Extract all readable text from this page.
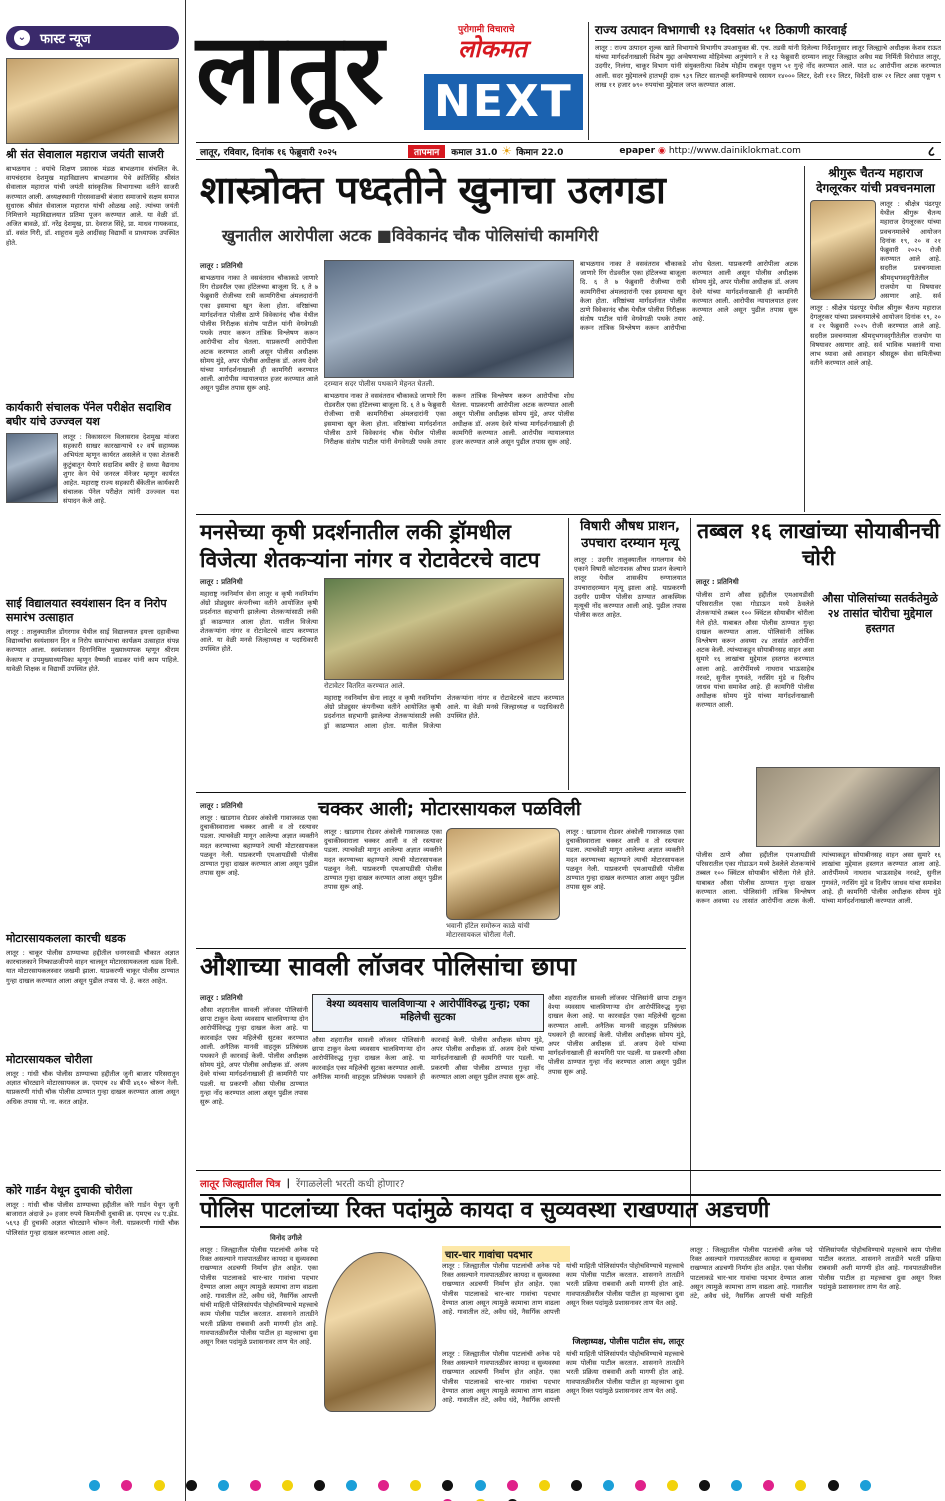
⌄ फास्ट न्यूज
श्री संत सेवालाल महाराज जयंती साजरी
बाभळगाव : वयांचे शिक्षण प्रसारक मंडळ बाभळगाव संचलित के. वायचंदराव देशमुख महाविद्यालय बाभळगाव येथे क्रांतिसिंह श्रीसंत सेवालाल महाराज यांची जयंती सांस्कृतिक विभागाच्या वतीने साजरी करण्यात आली. अध्यक्षस्थानी गोरसवाळची बंजारा समाजाचे सक्षम समाज सुधारक श्रीसंत सेवालाल महाराज यांची ओळख आहे. त्यांच्या जयंती निमित्ताने महाविद्यालयात प्रतिमा पूजन करण्यात आले. या वेळी डॉ. अजित बावळे, डॉ. नरेंद्र देशमुख, प्रा. देवराज सिंहे, प्रा. माधव गायकवाड, डॉ. वसंत गिरी, डॉ. शाहूराव मुळे आदींसह विद्यार्थी व प्राध्यापक उपस्थित होते.
कार्यकारी संचालक पॅनेल परीक्षेत सदाशिव बघीर यांचे उज्ज्वल यश
लातूर : विकासरत्न विलासराव देशमुख मांजरा सहकारी साखर कारखान्याचे १२ वर्ष सहाय्यक अभियंता म्हणून कार्यरत असलेले व एका शेतकरी कुटुंबातून येणारे सदाशिव बघीर हे सध्या वैद्यनाथ शुगर केन येथे जनरल मॅनेजर म्हणून कार्यरत आहेत. महाराष्ट्र राज्य सहकारी बँकेतील कार्यकारी संचालक पॅनेल परीक्षेत त्यांनी उज्ज्वल यश संपादन केले आहे.
साई विद्यालयात स्वयंशासन दिन व निरोप समारंभ उत्साहात
लातूर : तालुक्यातील डोंगरगाव येथील साई विद्यालयात इयत्ता दहावीच्या विद्यार्थ्यांचा स्वयंशासन दिन व निरोप समारंभाचा कार्यक्रम उत्साहात संपन्न करण्यात आला. स्वयंशासन दिनानिमित्त मुख्याध्यापक म्हणून श्रीराम केकाण व उपमुख्याध्यापिका म्हणून वैष्णवी वाडकर यांनी काम पाहिले. यावेळी शिक्षक व विद्यार्थी उपस्थित होते.
मोटारसायकलला कारची धडक
लातूर : चाकूर पोलीस ठाण्याच्या हद्दीतील धनगरवाडी चौकात अज्ञात कारचालकाने निष्काळजीपणे वाहन चालवून मोटारसायकलला धडक दिली. यात मोटारसायकलस्वार जखमी झाला. याप्रकरणी चाकूर पोलीस ठाण्यात गुन्हा दाखल करण्यात आला असून पुढील तपास पो. हे. करत आहेत.
मोटारसायकल चोरीला
लातूर : गांधी चौक पोलीस ठाण्याच्या हद्दीतील जुनी बाजार परिसरातून अज्ञात चोरट्याने मोटारसायकल क्र. एमएच २४ बीपी ४६१० चोरून नेली. याप्रकरणी गांधी चौक पोलीस ठाण्यात गुन्हा दाखल करण्यात आला असून अधिक तपास पो. ना. करत आहेत.
कोरे गार्डन येथून दुचाकी चोरीला
लातूर : गांधी चौक पोलीस ठाण्याच्या हद्दीतील कोरे गार्डन येथून जुनी बाजारात अंदाजे ३० हजार रुपये किमतीची दुचाकी क्र. एमएच २४ ए.झेड. ५६९३ ही दुचाकी अज्ञात चोरट्याने चोरून नेली. याप्रकरणी गांधी चौक पोलिसांत गुन्हा दाखल करण्यात आला आहे.
लातूर	पुरोगामी विचाराचे
लोकमत
NEXT
लातूर, रविवार, दिनांक १६ फेब्रुवारी २०२५	तापमान	कमाल 31.0 ☀ किमान 22.0	epaper ◉ http://www.dainiklokmat.com	८
राज्य उत्पादन विभागाची १३ दिवसांत ५१ ठिकाणी कारवाई
लातूर : राज्य उत्पादन शुल्क खाते विभागाचे विभागीय उपआयुक्त बी. एच. तडवी यांनी दिलेल्या निर्देशानुसार लातूर जिल्ह्याचे अधीक्षक केशव राऊत यांच्या मार्गदर्शनाखाली विशेष मुद्दा अन्वेषणाच्या मोहिमेच्या अनुषंगाने १ ते १३ फेब्रुवारी दरम्यान लातूर जिल्ह्यात अवैध मद्य निर्मिती विरोधात लातूर, उदगीर, निलंगा, चाकूर विभाग यांनी संयुक्तरीत्या विशेष मोहीम राबवून एकूण ५१ गुन्हे नोंद करण्यात आले. यात ४८ आरोपींना अटक करण्यात आली. सदर मुद्देमालचे हातभट्टी दारू ९३९ लिटर सातभट्टी बनविण्याचे रसायन १४००० लिटर, देशी ११२ लिटर, विदेशी दारू २१ लिटर असा एकूण ९ लाख ११ हजार ७९० रुपयांचा मुद्देमाल जप्त करण्यात आला.
शास्त्रोक्त पध्दतीने खुनाचा उलगडा
खुनातील आरोपीला अटक ■विवेकानंद चौक पोलिसांची कामगिरी
लातूर : प्रतिनिधी
बाभळगाव नाका ते वसवंतराव चौकाकडे जाणारे रिंग रोडवरील एका हॉटेलच्या बाजूला दि. ६ ते ७ फेब्रुवारी रोजीच्या रात्री कामगिरीचा अंमलदारांनी एका इसमाचा खून केला होता. वरिष्ठांच्या मार्गदर्शनात पोलीस ठाणे विवेकानंद चौक येथील पोलीस निरीक्षक संतोष पाटील यांनी वेगवेगळी पथके तयार करून तांत्रिक विश्लेषण करून आरोपीचा शोध घेतला. याप्रकरणी आरोपीला अटक करण्यात आली असून पोलीस अधीक्षक सोमय मुंडे, अपर पोलीस अधीक्षक डॉ. अजय देवरे यांच्या मार्गदर्शनाखाली ही कामगिरी करण्यात आली. आरोपीस न्यायालयात हजर करण्यात आले असून पुढील तपास सुरू आहे.
दरम्यान सदर पोलीस पथकाने मेहनत घेतली.
बाभळगाव नाका ते वसवंतराव चौकाकडे जाणारे रिंग रोडवरील एका हॉटेलच्या बाजूला दि. ६ ते ७ फेब्रुवारी रोजीच्या रात्री कामगिरीचा अंमलदारांनी एका इसमाचा खून केला होता. वरिष्ठांच्या मार्गदर्शनात पोलीस ठाणे विवेकानंद चौक येथील पोलीस निरीक्षक संतोष पाटील यांनी वेगवेगळी पथके तयार करून तांत्रिक विश्लेषण करून आरोपीचा शोध घेतला. याप्रकरणी आरोपीला अटक करण्यात आली असून पोलीस अधीक्षक सोमय मुंडे, अपर पोलीस अधीक्षक डॉ. अजय देवरे यांच्या मार्गदर्शनाखाली ही कामगिरी करण्यात आली. आरोपीस न्यायालयात हजर करण्यात आले असून पुढील तपास सुरू आहे.
बाभळगाव नाका ते वसवंतराव चौकाकडे जाणारे रिंग रोडवरील एका हॉटेलच्या बाजूला दि. ६ ते ७ फेब्रुवारी रोजीच्या रात्री कामगिरीचा अंमलदारांनी एका इसमाचा खून केला होता. वरिष्ठांच्या मार्गदर्शनात पोलीस ठाणे विवेकानंद चौक येथील पोलीस निरीक्षक संतोष पाटील यांनी वेगवेगळी पथके तयार करून तांत्रिक विश्लेषण करून आरोपीचा शोध घेतला. याप्रकरणी आरोपीला अटक करण्यात आली असून पोलीस अधीक्षक सोमय मुंडे, अपर पोलीस अधीक्षक डॉ. अजय देवरे यांच्या मार्गदर्शनाखाली ही कामगिरी करण्यात आली. आरोपीस न्यायालयात हजर करण्यात आले असून पुढील तपास सुरू आहे.
श्रीगुरू चैतन्य महाराज देगलूरकर यांची प्रवचनमाला
लातूर : श्रीक्षेत्र पंढरपूर येथील श्रीगुरू चैतन्य महाराज देगलूरकर यांच्या प्रवचनमालेचे आयोजन दिनांक १९, २० व २१ फेब्रुवारी २०२५ रोजी करण्यात आले आहे. सदरील प्रवचनमाला श्रीमद्‌भगवद्‌गीतेतील राजयोग या विषयावर असणार आहे. सर्व
लातूर : श्रीक्षेत्र पंढरपूर येथील श्रीगुरू चैतन्य महाराज देगलूरकर यांच्या प्रवचनमालेचे आयोजन दिनांक १९, २० व २१ फेब्रुवारी २०२५ रोजी करण्यात आले आहे. सदरील प्रवचनमाला श्रीमद्‌भगवद्‌गीतेतील राजयोग या विषयावर असणार आहे. सर्व भाविक भक्तांनी याचा लाभ घ्यावा असे आवाहन श्रीसद्गुरू सेवा समितीच्या वतीने करण्यात आले आहे.
मनसेच्या कृषी प्रदर्शनातील लकी ड्रॉमधील विजेत्या शेतकऱ्यांना नांगर व रोटावेटरचे वाटप
लातूर : प्रतिनिधी
महाराष्ट्र नवनिर्माण सेना लातूर व कृषी नवनिर्माण ॲग्रो प्रोड्युसर कंपनीच्या वतीने आयोजित कृषी प्रदर्शनात सहभागी झालेल्या शेतकऱ्यांसाठी लकी ड्रॉ काढण्यात आला होता. यातील विजेत्या शेतकऱ्यांना नांगर व रोटावेटरचे वाटप करण्यात आले. या वेळी मनसे जिल्हाध्यक्ष व पदाधिकारी उपस्थित होते.
रोटावेटर वितरित करण्यात आले.
महाराष्ट्र नवनिर्माण सेना लातूर व कृषी नवनिर्माण ॲग्रो प्रोड्युसर कंपनीच्या वतीने आयोजित कृषी प्रदर्शनात सहभागी झालेल्या शेतकऱ्यांसाठी लकी ड्रॉ काढण्यात आला होता. यातील विजेत्या शेतकऱ्यांना नांगर व रोटावेटरचे वाटप करण्यात आले. या वेळी मनसे जिल्हाध्यक्ष व पदाधिकारी उपस्थित होते.
विषारी औषध प्राशन, उपचारा दरम्यान मृत्यू
लातूर : उदगीर तालुक्यातील नागलगाव येथे एकाने विषारी कोटनाशक औषध प्राशन केल्याने लातूर येथील शासकीय रुग्णालयात उपचारादरम्यान मृत्यू झाला आहे. याप्रकरणी उदगीर ग्रामीण पोलीस ठाण्यात आकस्मिक मृत्यूची नोंद करण्यात आली आहे. पुढील तपास पोलीस करत आहेत.
तब्बल १६ लाखांच्या सोयाबीनची चोरी
लातूर : प्रतिनिधी
पोलीस ठाणे औसा हद्दीतील एमआयडीसी परिसरातील एका गोडाऊन मध्ये ठेवलेले शेतकऱ्यांचे तब्बल १०० क्विंटल सोयाबीन चोरीला गेले होते. याबाबत औसा पोलीस ठाण्यात गुन्हा दाखल करण्यात आला. पोलिसांनी तांत्रिक विश्लेषण करून अवघ्या २४ तासांत आरोपींना अटक केली. त्यांच्याकडून सोयाबीनसह वाहन असा सुमारे १६ लाखांचा मुद्देमाल हस्तगत करण्यात आला आहे. आरोपींमध्ये नाथराव भाऊसाहेब नरवटे, सुनील गुणवंते, नरसिंग मुंडे व दिलीप जाधव यांचा समावेश आहे. ही कामगिरी पोलीस अधीक्षक सोमय मुंडे यांच्या मार्गदर्शनाखाली करण्यात आली.
औसा पोलिसांच्या सतर्कतेमुळे २४ तासांत चोरीचा मुद्देमाल हस्तगत
पोलीस ठाणे औसा हद्दीतील एमआयडीसी परिसरातील एका गोडाऊन मध्ये ठेवलेले शेतकऱ्यांचे तब्बल १०० क्विंटल सोयाबीन चोरीला गेले होते. याबाबत औसा पोलीस ठाण्यात गुन्हा दाखल करण्यात आला. पोलिसांनी तांत्रिक विश्लेषण करून अवघ्या २४ तासांत आरोपींना अटक केली. त्यांच्याकडून सोयाबीनसह वाहन असा सुमारे १६ लाखांचा मुद्देमाल हस्तगत करण्यात आला आहे. आरोपींमध्ये नाथराव भाऊसाहेब नरवटे, सुनील गुणवंते, नरसिंग मुंडे व दिलीप जाधव यांचा समावेश आहे. ही कामगिरी पोलीस अधीक्षक सोमय मुंडे यांच्या मार्गदर्शनाखाली करण्यात आली.
चक्कर आली; मोटारसायकल पळविली
लातूर : प्रतिनिधी
लातूर : खाडगाव रोडवर अंकोली गावाजवळ एका दुचाकीस्वाराला चक्कर आली व तो रस्त्यावर पडला. त्याचवेळी मागून आलेल्या अज्ञात व्यक्तीने मदत करण्याच्या बहाण्याने त्याची मोटारसायकल पळवून नेली. याप्रकरणी एमआयडीसी पोलीस ठाण्यात गुन्हा दाखल करण्यात आला असून पुढील तपास सुरू आहे.
लातूर : खाडगाव रोडवर अंकोली गावाजवळ एका दुचाकीस्वाराला चक्कर आली व तो रस्त्यावर पडला. त्याचवेळी मागून आलेल्या अज्ञात व्यक्तीने मदत करण्याच्या बहाण्याने त्याची मोटारसायकल पळवून नेली. याप्रकरणी एमआयडीसी पोलीस ठाण्यात गुन्हा दाखल करण्यात आला असून पुढील तपास सुरू आहे.
भवानी हॉटेल समोरून काळे यांची मोटारसायकल चोरीला गेली.
लातूर : खाडगाव रोडवर अंकोली गावाजवळ एका दुचाकीस्वाराला चक्कर आली व तो रस्त्यावर पडला. त्याचवेळी मागून आलेल्या अज्ञात व्यक्तीने मदत करण्याच्या बहाण्याने त्याची मोटारसायकल पळवून नेली. याप्रकरणी एमआयडीसी पोलीस ठाण्यात गुन्हा दाखल करण्यात आला असून पुढील तपास सुरू आहे.
औशाच्या सावली लॉजवर पोलिसांचा छापा
लातूर : प्रतिनिधी
औसा शहरातील सावली लॉजवर पोलिसांनी छापा टाकून वेश्या व्यवसाय चालविणाऱ्या दोन आरोपींविरुद्ध गुन्हा दाखल केला आहे. या कारवाईत एका महिलेची सुटका करण्यात आली. अनैतिक मानवी वाहतूक प्रतिबंधक पथकाने ही कारवाई केली. पोलीस अधीक्षक सोमय मुंडे, अपर पोलीस अधीक्षक डॉ. अजय देवरे यांच्या मार्गदर्शनाखाली ही कामगिरी पार पडली. या प्रकरणी औसा पोलीस ठाण्यात गुन्हा नोंद करण्यात आला असून पुढील तपास सुरू आहे.
वेश्या व्यवसाय चालविणाऱ्या २ आरोपींविरुद्ध गुन्हा; एका महिलेची सुटका
औसा शहरातील सावली लॉजवर पोलिसांनी छापा टाकून वेश्या व्यवसाय चालविणाऱ्या दोन आरोपींविरुद्ध गुन्हा दाखल केला आहे. या कारवाईत एका महिलेची सुटका करण्यात आली. अनैतिक मानवी वाहतूक प्रतिबंधक पथकाने ही कारवाई केली. पोलीस अधीक्षक सोमय मुंडे, अपर पोलीस अधीक्षक डॉ. अजय देवरे यांच्या मार्गदर्शनाखाली ही कामगिरी पार पडली. या प्रकरणी औसा पोलीस ठाण्यात गुन्हा नोंद करण्यात आला असून पुढील तपास सुरू आहे.
औसा शहरातील सावली लॉजवर पोलिसांनी छापा टाकून वेश्या व्यवसाय चालविणाऱ्या दोन आरोपींविरुद्ध गुन्हा दाखल केला आहे. या कारवाईत एका महिलेची सुटका करण्यात आली. अनैतिक मानवी वाहतूक प्रतिबंधक पथकाने ही कारवाई केली. पोलीस अधीक्षक सोमय मुंडे, अपर पोलीस अधीक्षक डॉ. अजय देवरे यांच्या मार्गदर्शनाखाली ही कामगिरी पार पडली. या प्रकरणी औसा पोलीस ठाण्यात गुन्हा नोंद करण्यात आला असून पुढील तपास सुरू आहे.
लातूर जिल्ह्यातील चित्र | रेंगाळलेली भरती कधी होणार?
पोलिस पाटलांच्या रिक्त पदांमुळे कायदा व सुव्यवस्था राखण्यात अडचणी
विनोद उगीले
लातूर : जिल्ह्यातील पोलीस पाटलांची अनेक पदे रिक्त असल्याने गावपातळीवर कायदा व सुव्यवस्था राखण्यात अडचणी निर्माण होत आहेत. एका पोलीस पाटलाकडे चार-चार गावांचा पदभार देण्यात आला असून त्यामुळे कामाचा ताण वाढला आहे. गावातील तंटे, अवैध धंदे, नैसर्गिक आपत्ती यांची माहिती पोलिसांपर्यंत पोहोचविण्याचे महत्त्वाचे काम पोलीस पाटील करतात. शासनाने तातडीने भरती प्रक्रिया राबवावी अशी मागणी होत आहे. गावपातळीवरील पोलीस पाटील हा महत्त्वाचा दुवा असून रिक्त पदांमुळे प्रशासनावर ताण येत आहे.
चार-चार गावांचा पदभार
लातूर : जिल्ह्यातील पोलीस पाटलांची अनेक पदे रिक्त असल्याने गावपातळीवर कायदा व सुव्यवस्था राखण्यात अडचणी निर्माण होत आहेत. एका पोलीस पाटलाकडे चार-चार गावांचा पदभार देण्यात आला असून त्यामुळे कामाचा ताण वाढला आहे. गावातील तंटे, अवैध धंदे, नैसर्गिक आपत्ती यांची माहिती पोलिसांपर्यंत पोहोचविण्याचे महत्त्वाचे काम पोलीस पाटील करतात. शासनाने तातडीने भरती प्रक्रिया राबवावी अशी मागणी होत आहे. गावपातळीवरील पोलीस पाटील हा महत्त्वाचा दुवा असून रिक्त पदांमुळे प्रशासनावर ताण येत आहे.
जिल्हाध्यक्ष, पोलीस पाटील संघ, लातूर
लातूर : जिल्ह्यातील पोलीस पाटलांची अनेक पदे रिक्त असल्याने गावपातळीवर कायदा व सुव्यवस्था राखण्यात अडचणी निर्माण होत आहेत. एका पोलीस पाटलाकडे चार-चार गावांचा पदभार देण्यात आला असून त्यामुळे कामाचा ताण वाढला आहे. गावातील तंटे, अवैध धंदे, नैसर्गिक आपत्ती यांची माहिती पोलिसांपर्यंत पोहोचविण्याचे महत्त्वाचे काम पोलीस पाटील करतात. शासनाने तातडीने भरती प्रक्रिया राबवावी अशी मागणी होत आहे. गावपातळीवरील पोलीस पाटील हा महत्त्वाचा दुवा असून रिक्त पदांमुळे प्रशासनावर ताण येत आहे.
लातूर : जिल्ह्यातील पोलीस पाटलांची अनेक पदे रिक्त असल्याने गावपातळीवर कायदा व सुव्यवस्था राखण्यात अडचणी निर्माण होत आहेत. एका पोलीस पाटलाकडे चार-चार गावांचा पदभार देण्यात आला असून त्यामुळे कामाचा ताण वाढला आहे. गावातील तंटे, अवैध धंदे, नैसर्गिक आपत्ती यांची माहिती पोलिसांपर्यंत पोहोचविण्याचे महत्त्वाचे काम पोलीस पाटील करतात. शासनाने तातडीने भरती प्रक्रिया राबवावी अशी मागणी होत आहे. गावपातळीवरील पोलीस पाटील हा महत्त्वाचा दुवा असून रिक्त पदांमुळे प्रशासनावर ताण येत आहे.
